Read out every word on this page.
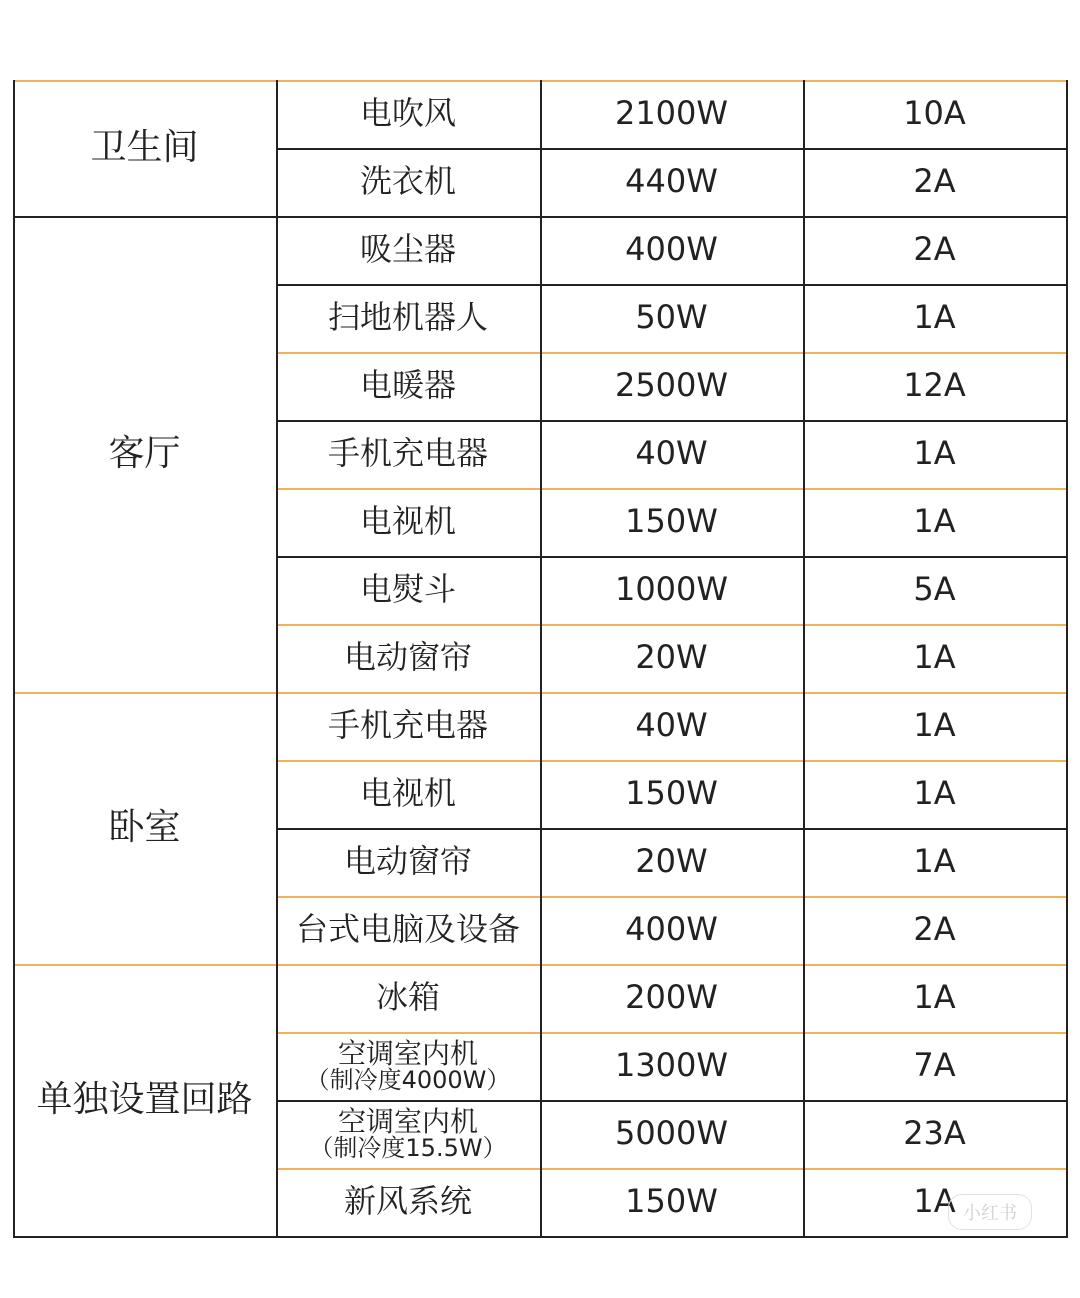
卫生间
电吹风	2100W	10A
洗衣机	440W	2A
客厅
吸尘器	400W	2A
扫地机器人	50W	1A
电暖器	2500W	12A
手机充电器	40W	1A
电视机	150W	1A
电熨斗	1000W	5A
电动窗帘	20W	1A
卧室
手机充电器	40W	1A
电视机	150W	1A
电动窗帘	20W	1A
台式电脑及设备	400W	2A
单独设置回路
冰箱	200W	1A
空调室内机
（制冷度4000W）	1300W	7A
空调室内机
（制冷度15.5W）	5000W	23A
新风系统	150W	1A 小红书
